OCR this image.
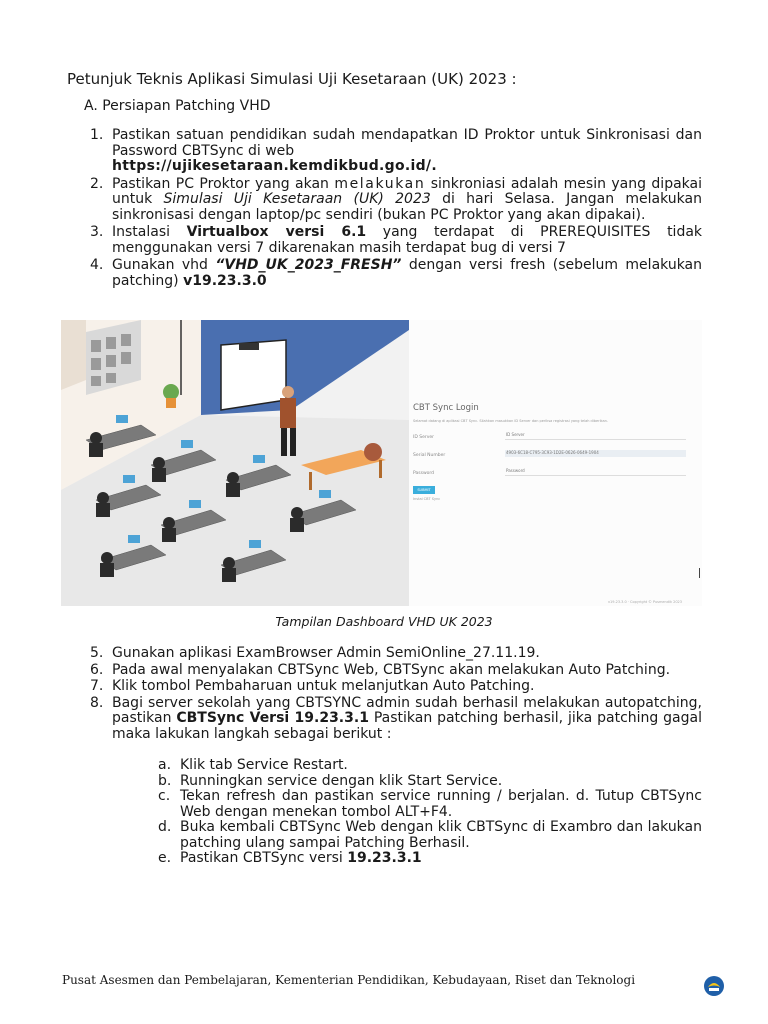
Petunjuk Teknis Aplikasi Simulasi Uji Kesetaraan (UK) 2023 :
A. Persiapan Patching VHD
1. Pastikan satuan pendidikan sudah mendapatkan ID Proktor untuk Sinkronisasi dan Password CBTSync di web
https://ujikesetaraan.kemdikbud.go.id/.
2. Pastikan PC Proktor yang akan melakukan sinkroniasi adalah mesin yang dipakai untuk Simulasi Uji Kesetaraan (UK) 2023 di hari Selasa. Jangan melakukan sinkronisasi dengan laptop/pc sendiri (bukan PC Proktor yang akan dipakai).
3. Instalasi Virtualbox versi 6.1 yang terdapat di PREREQUISITES tidak menggunakan versi 7 dikarenakan masih terdapat bug di versi 7
4. Gunakan vhd “VHD_UK_2023_FRESH” dengan versi fresh (sebelum melakukan patching) v19.23.3.0
CBT Sync Login
Selamat datang di aplikasi CBT Sync. Silahkan masukkan ID Server dan periksa registrasi yang telah diberikan.
ID Server
ID Server
Serial Number
4903-6C18-C795-3C93-1D2E-0626-0649-1904
Password
Password
SUBMIT
Instal CBT Sync
v19.23.3.0 · Copyright © Pusmendik 2023
Tampilan Dashboard VHD UK 2023
5. Gunakan aplikasi ExamBrowser Admin SemiOnline_27.11.19.
6. Pada awal menyalakan CBTSync Web, CBTSync akan melakukan Auto Patching.
7. Klik tombol Pembaharuan untuk melanjutkan Auto Patching.
8. Bagi server sekolah yang CBTSYNC admin sudah berhasil melakukan autopatching, pastikan CBTSync Versi 19.23.3.1 Pastikan patching berhasil, jika patching gagal maka lakukan langkah sebagai berikut :
a. Klik tab Service Restart.
b. Runningkan service dengan klik Start Service.
c. Tekan refresh dan pastikan service running / berjalan. d. Tutup CBTSync Web dengan menekan tombol ALT+F4.
d. Buka kembali CBTSync Web dengan klik CBTSync di Exambro dan lakukan patching ulang sampai Patching Berhasil.
e. Pastikan CBTSync versi 19.23.3.1
Pusat Asesmen dan Pembelajaran, Kementerian Pendidikan, Kebudayaan, Riset dan Teknologi
